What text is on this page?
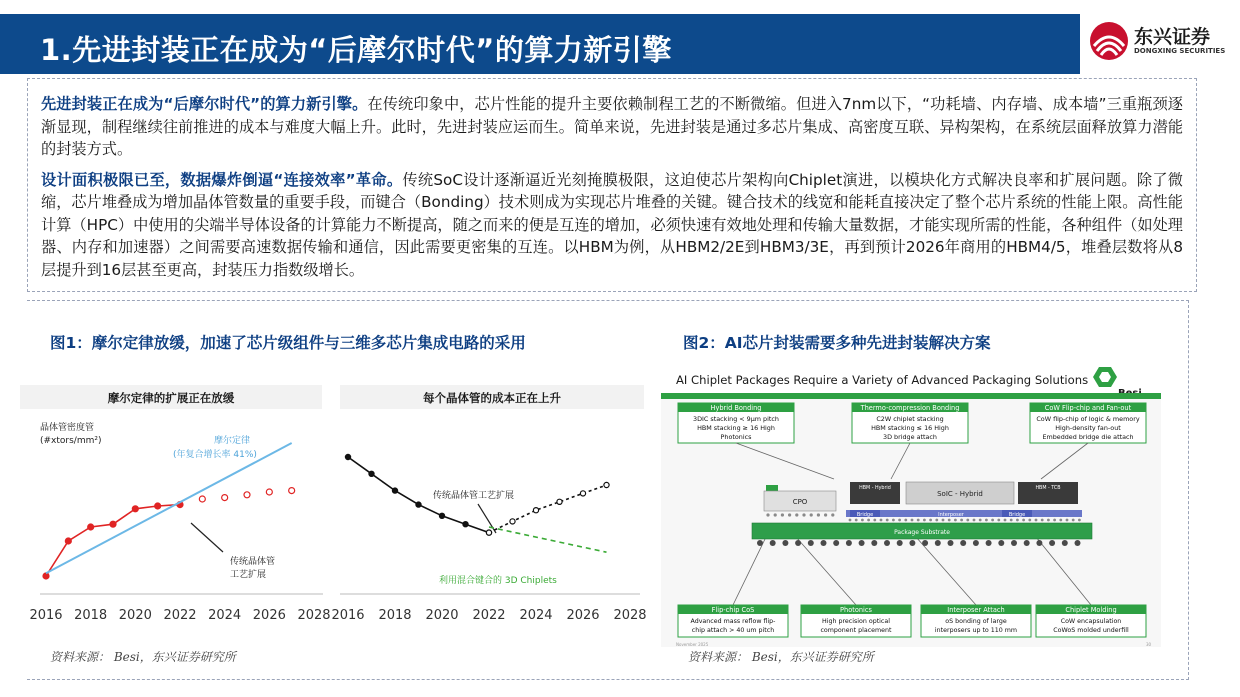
1.先进封装正在成为“后摩尔时代”的算力新引擎	东兴证券
DONGXING SECURITIES

先进封装正在成为“后摩尔时代”的算力新引擎。在传统印象中，芯片性能的提升主要依赖制程工艺的不断微缩。但进入7nm以下，“功耗墙、内存墙、成本墙”三重瓶颈逐渐显现，制程继续往前推进的成本与难度大幅上升。此时，先进封装应运而生。简单来说，先进封装是通过多芯片集成、高密度互联、异构架构，在系统层面释放算力潜能的封装方式。

设计面积极限已至，数据爆炸倒逼“连接效率”革命。传统SoC设计逐渐逼近光刻掩膜极限，这迫使芯片架构向Chiplet演进，以模块化方式解决良率和扩展问题。除了微缩，芯片堆叠成为增加晶体管数量的重要手段，而键合（Bonding）技术则成为实现芯片堆叠的关键。键合技术的线宽和能耗直接决定了整个芯片系统的性能上限。高性能计算（HPC）中使用的尖端半导体设备的计算能力不断提高，随之而来的便是互连的增加，必须快速有效地处理和传输大量数据，才能实现所需的性能，各种组件（如处理器、内存和加速器）之间需要高速数据传输和通信，因此需要更密集的互连。以HBM为例，从HBM2/2E到HBM3/3E，再到预计2026年商用的HBM4/5，堆叠层数将从8层提升到16层甚至更高，封装压力指数级增长。

图1：摩尔定律放缓，加速了芯片级组件与三维多芯片集成电路的采用	图2：AI芯片封装需要多种先进封装解决方案
摩尔定律的扩展正在放缓	每个晶体管的成本正在上升
晶体管密度管
(#xtors/mm²)	摩尔定律
(年复合增长率 41%)
传统晶体管
工艺扩展
传统晶体管工艺扩展
利用混合键合的 3D Chiplets
2016 2018 2020 2022 2024 2026 2028 2016 2018 2020 2022 2024 2026 2028
资料来源： Besi，东兴证券研究所
AI Chiplet Packages Require a Variety of Advanced Packaging Solutions
Hybrid Bonding
3DIC stacking < 9µm pitch
HBM stacking ≥ 16 High
Photonics
Thermo-compression Bonding
C2W chiplet stacking
HBM stacking ≤ 16 High
3D bridge attach
CoW Flip-chip and Fan-out
CoW flip-chip of logic & memory
High-density fan-out
Embedded bridge die attach
CPO
HBM - Hybrid
SoIC - Hybrid
HBM - TCB
Bridge	Interposer	Bridge
Package Substrate
Flip-chip CoS
Advanced mass reflow flip-
chip attach > 40 um pitch
Photonics
High precision optical
component placement
Interposer Attach
oS bonding of large
interposers up to 110 mm
Chiplet Molding
CoW encapsulation
CoWoS molded underfill
November 2025	30
资料来源： Besi，东兴证券研究所
